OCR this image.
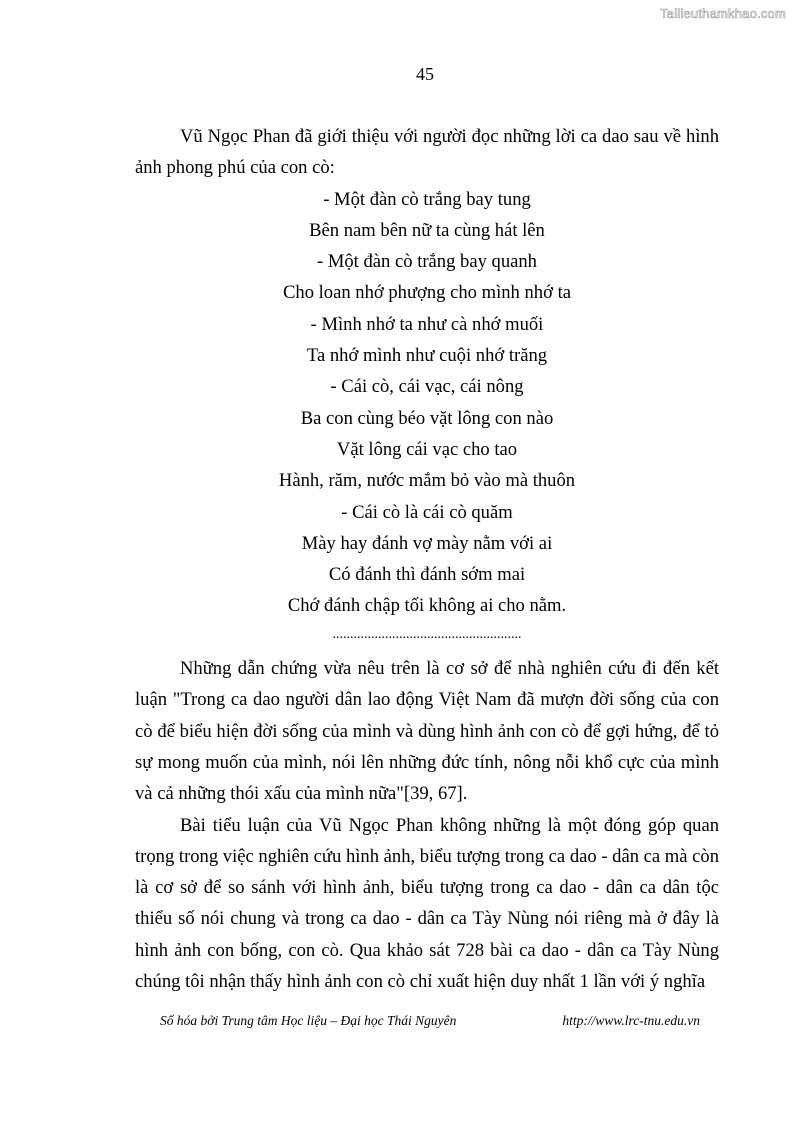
Tailieuthamkhao.com
45

Vũ Ngọc Phan đã giới thiệu với người đọc những lời ca dao sau về hình ảnh phong phú của con cò:

- Một đàn cò trắng bay tung
Bên nam bên nữ ta cùng hát lên
- Một đàn cò trắng bay quanh
Cho loan nhớ phượng cho mình nhớ ta
- Mình nhớ ta như cà nhớ muối
Ta nhớ mình như cuội nhớ trăng
- Cái cò, cái vạc, cái nông
Ba con cùng béo vặt lông con nào
Vặt lông cái vạc cho tao
Hành, răm, nước mắm bỏ vào mà thuôn
- Cái cò là cái cò quăm
Mày hay đánh vợ mày nằm với ai
Có đánh thì đánh sớm mai
Chớ đánh chập tối không ai cho nằm.
......................................................

Những dẫn chứng vừa nêu trên là cơ sở để nhà nghiên cứu đi đến kết luận "Trong ca dao người dân lao động Việt Nam đã mượn đời sống của con cò để biểu hiện đời sống của mình và dùng hình ảnh con cò để gợi hứng, để tỏ sự mong muốn của mình, nói lên những đức tính, nông nỗi khổ cực của mình và cả những thói xấu của mình nữa"[39, 67].

Bài tiểu luận của Vũ Ngọc Phan không những là một đóng góp quan trọng trong việc nghiên cứu hình ảnh, biểu tượng trong ca dao - dân ca mà còn là cơ sở để so sánh với hình ảnh, biểu tượng trong ca dao - dân ca dân tộc thiểu số nói chung và trong ca dao - dân ca Tày Nùng nói riêng mà ở đây là hình ảnh con bống, con cò. Qua khảo sát 728 bài ca dao - dân ca Tày Nùng chúng tôi nhận thấy hình ảnh con cò chỉ xuất hiện duy nhất 1 lần với ý nghĩa

Số hóa bởi Trung tâm Học liệu – Đại học Thái Nguyên	http://www.lrc-tnu.edu.vn
